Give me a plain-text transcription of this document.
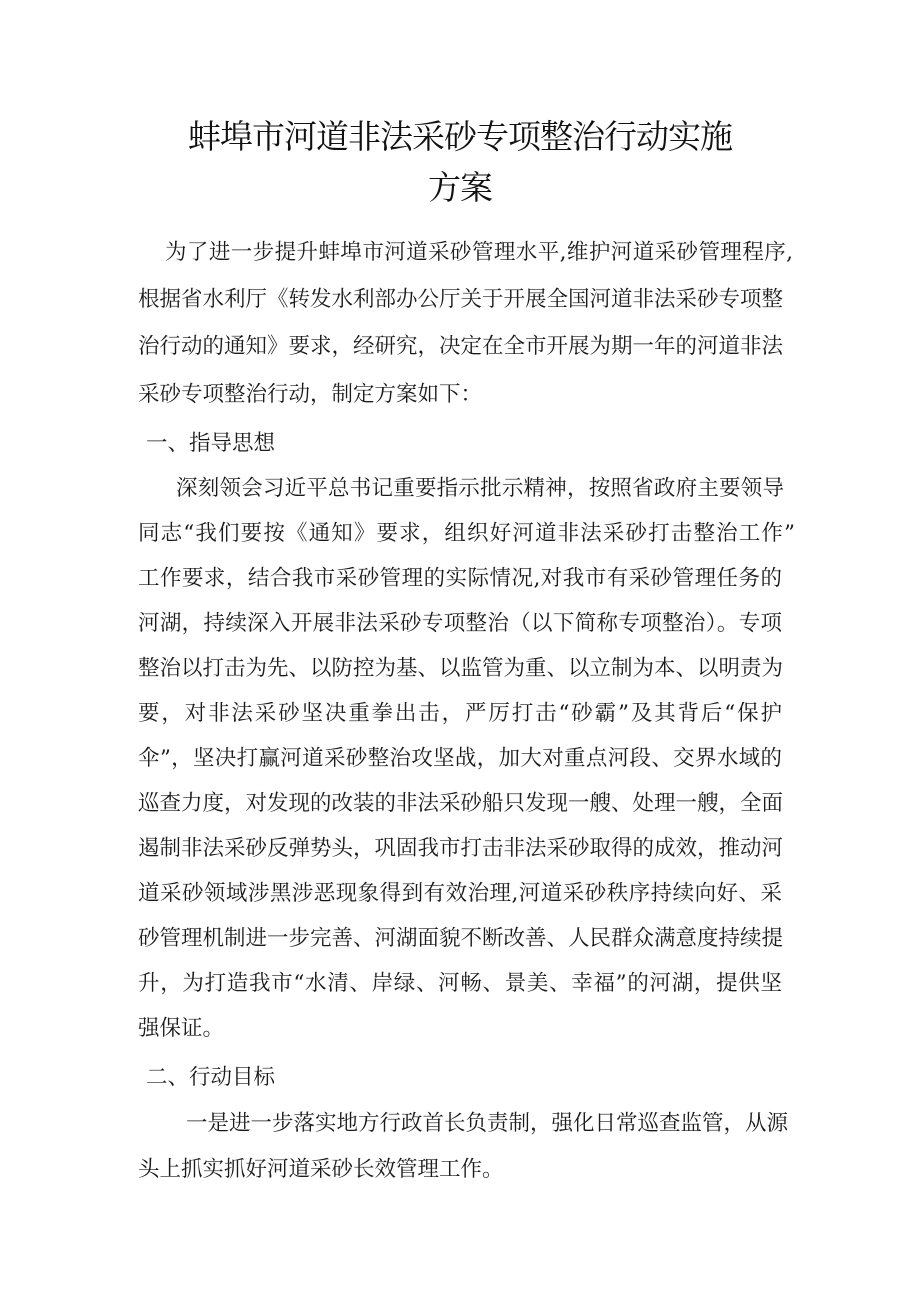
蚌埠市河道非法采砂专项整治行动实施
方案
为了进一步提升蚌埠市河道采砂管理水平,维护河道采砂管理程序,
根据省水利厅《转发水利部办公厅关于开展全国河道非法采砂专项整
治行动的通知》要求，经研究，决定在全市开展为期一年的河道非法
采砂专项整治行动，制定方案如下：
一、指导思想
深刻领会习近平总书记重要指示批示精神，按照省政府主要领导
同志“我们要按《通知》要求，组织好河道非法采砂打击整治工作”
工作要求，结合我市采砂管理的实际情况,对我市有采砂管理任务的
河湖，持续深入开展非法采砂专项整治（以下简称专项整治）。专项
整治以打击为先、以防控为基、以监管为重、以立制为本、以明责为
要，对非法采砂坚决重拳出击，严厉打击“砂霸”及其背后“保护
伞”，坚决打赢河道采砂整治攻坚战，加大对重点河段、交界水域的
巡查力度，对发现的改装的非法采砂船只发现一艘、处理一艘，全面
遏制非法采砂反弹势头，巩固我市打击非法采砂取得的成效，推动河
道采砂领域涉黑涉恶现象得到有效治理,河道采砂秩序持续向好、采
砂管理机制进一步完善、河湖面貌不断改善、人民群众满意度持续提
升，为打造我市“水清、岸绿、河畅、景美、幸福”的河湖，提供坚
强保证。
二、行动目标
一是进一步落实地方行政首长负责制，强化日常巡查监管，从源
头上抓实抓好河道采砂长效管理工作。
